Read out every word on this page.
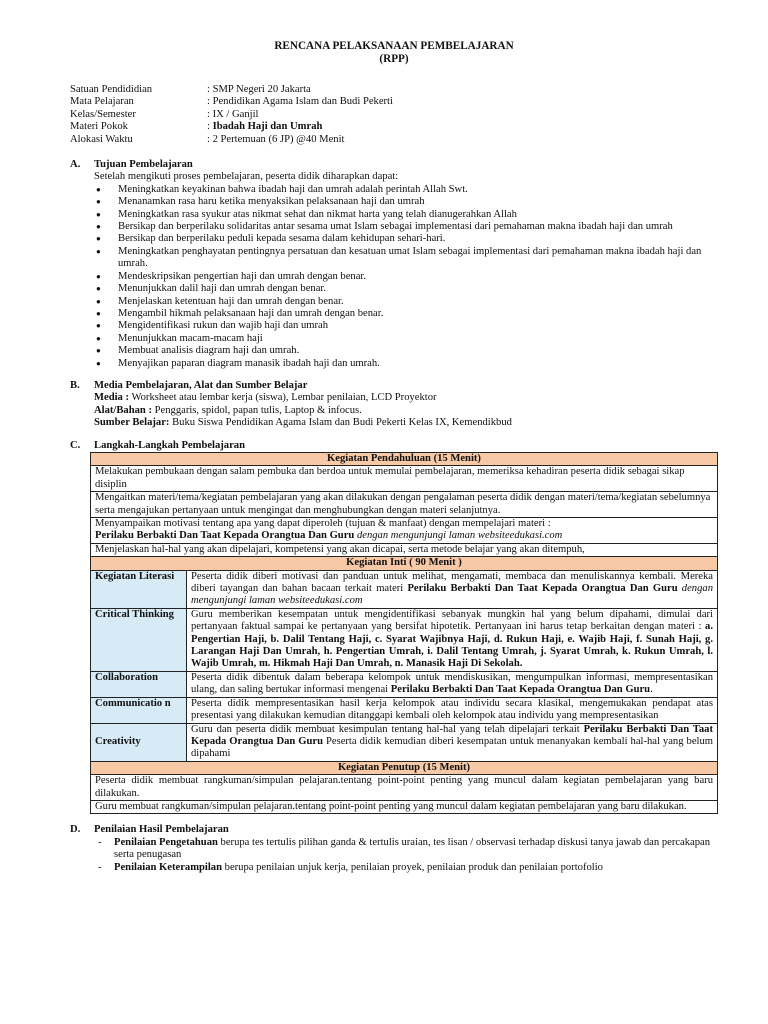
RENCANA PELAKSANAAN PEMBELAJARAN
(RPP)
Satuan Pendididian	: SMP Negeri 20 Jakarta
Mata Pelajaran	: Pendidikan Agama Islam dan Budi Pekerti
Kelas/Semester	: IX / Ganjil
Materi Pokok	: Ibadah Haji dan Umrah
Alokasi Waktu	: 2 Pertemuan (6 JP) @40 Menit
A.	Tujuan Pembelajaran
Setelah mengikuti proses pembelajaran, peserta didik diharapkan dapat:
● Meningkatkan keyakinan bahwa ibadah haji dan umrah adalah perintah Allah Swt.
● Menanamkan rasa haru ketika menyaksikan pelaksanaan haji dan umrah
● Meningkatkan rasa syukur atas nikmat sehat dan nikmat harta yang telah dianugerahkan Allah
● Bersikap dan berperilaku solidaritas antar sesama umat Islam sebagai implementasi dari pemahaman makna ibadah haji dan umrah
● Bersikap dan berperilaku peduli kepada sesama dalam kehidupan sehari-hari.
● Meningkatkan penghayatan pentingnya persatuan dan kesatuan umat Islam sebagai implementasi dari pemahaman makna ibadah haji dan umrah.
● Mendeskripsikan pengertian haji dan umrah dengan benar.
● Menunjukkan dalil haji dan umrah dengan benar.
● Menjelaskan ketentuan haji dan umrah dengan benar.
● Mengambil hikmah pelaksanaan haji dan umrah dengan benar.
● Mengidentifikasi rukun dan wajib haji dan umrah
● Menunjukkan macam-macam haji
● Membuat analisis diagram haji dan umrah.
● Menyajikan paparan diagram manasik ibadah haji dan umrah.
B.	Media Pembelajaran, Alat dan Sumber Belajar
Media : Worksheet atau lembar kerja (siswa), Lembar penilaian, LCD Proyektor
Alat/Bahan : Penggaris, spidol, papan tulis, Laptop & infocus.
Sumber Belajar: Buku Siswa Pendidikan Agama Islam dan Budi Pekerti Kelas IX, Kemendikbud
C.	Langkah-Langkah Pembelajaran
Kegiatan Pendahuluan (15 Menit)	
Melakukan pembukaan dengan salam pembuka dan berdoa untuk memulai pembelajaran, memeriksa kehadiran peserta didik sebagai sikap disiplin	
Mengaitkan materi/tema/kegiatan pembelajaran yang akan dilakukan dengan pengalaman peserta didik dengan materi/tema/kegiatan sebelumnya serta mengajukan pertanyaan untuk mengingat dan menghubungkan dengan materi selanjutnya.	
Menyampaikan motivasi tentang apa yang dapat diperoleh (tujuan & manfaat) dengan mempelajari materi :
Perilaku Berbakti Dan Taat Kepada Orangtua Dan Guru dengan mengunjungi laman websiteedukasi.com	
Menjelaskan hal-hal yang akan dipelajari, kompetensi yang akan dicapai, serta metode belajar yang akan ditempuh,	
Kegiatan Inti ( 90 Menit )	
Kegiatan Literasi	Peserta didik diberi motivasi dan panduan untuk melihat, mengamati, membaca dan menuliskannya kembali. Mereka diberi tayangan dan bahan bacaan terkait materi Perilaku Berbakti Dan Taat Kepada Orangtua Dan Guru dengan mengunjungi laman websiteedukasi.com
Critical Thinking	Guru memberikan kesempatan untuk mengidentifikasi sebanyak mungkin hal yang belum dipahami, dimulai dari pertanyaan faktual sampai ke pertanyaan yang bersifat hipotetik. Pertanyaan ini harus tetap berkaitan dengan materi : a. Pengertian Haji, b. Dalil Tentang Haji, c. Syarat Wajibnya Haji, d. Rukun Haji, e. Wajib Haji, f. Sunah Haji, g. Larangan Haji Dan Umrah, h. Pengertian Umrah, i. Dalil Tentang Umrah, j. Syarat Umrah, k. Rukun Umrah, l. Wajib Umrah, m. Hikmah Haji Dan Umrah, n. Manasik Haji Di Sekolah.
Collaboration	Peserta didik dibentuk dalam beberapa kelompok untuk mendiskusikan, mengumpulkan informasi, mempresentasikan ulang, dan saling bertukar informasi mengenai Perilaku Berbakti Dan Taat Kepada Orangtua Dan Guru.
Communicatio n	Peserta didik mempresentasikan hasil kerja kelompok atau individu secara klasikal, mengemukakan pendapat atas presentasi yang dilakukan kemudian ditanggapi kembali oleh kelompok atau individu yang mempresentasikan
Creativity	Guru dan peserta didik membuat kesimpulan tentang hal-hal yang telah dipelajari terkait Perilaku Berbakti Dan Taat Kepada Orangtua Dan Guru Peserta didik kemudian diberi kesempatan untuk menanyakan kembali hal-hal yang belum dipahami
Kegiatan Penutup (15 Menit)	
Peserta didik membuat rangkuman/simpulan pelajaran.tentang point-point penting yang muncul dalam kegiatan pembelajaran yang baru dilakukan.	
Guru membuat rangkuman/simpulan pelajaran.tentang point-point penting yang muncul dalam kegiatan pembelajaran yang baru dilakukan.	
D.	Penilaian Hasil Pembelajaran
- Penilaian Pengetahuan berupa tes tertulis pilihan ganda & tertulis uraian, tes lisan / observasi terhadap diskusi tanya jawab dan percakapan serta penugasan
- Penilaian Keterampilan berupa penilaian unjuk kerja, penilaian proyek, penilaian produk dan penilaian portofolio
